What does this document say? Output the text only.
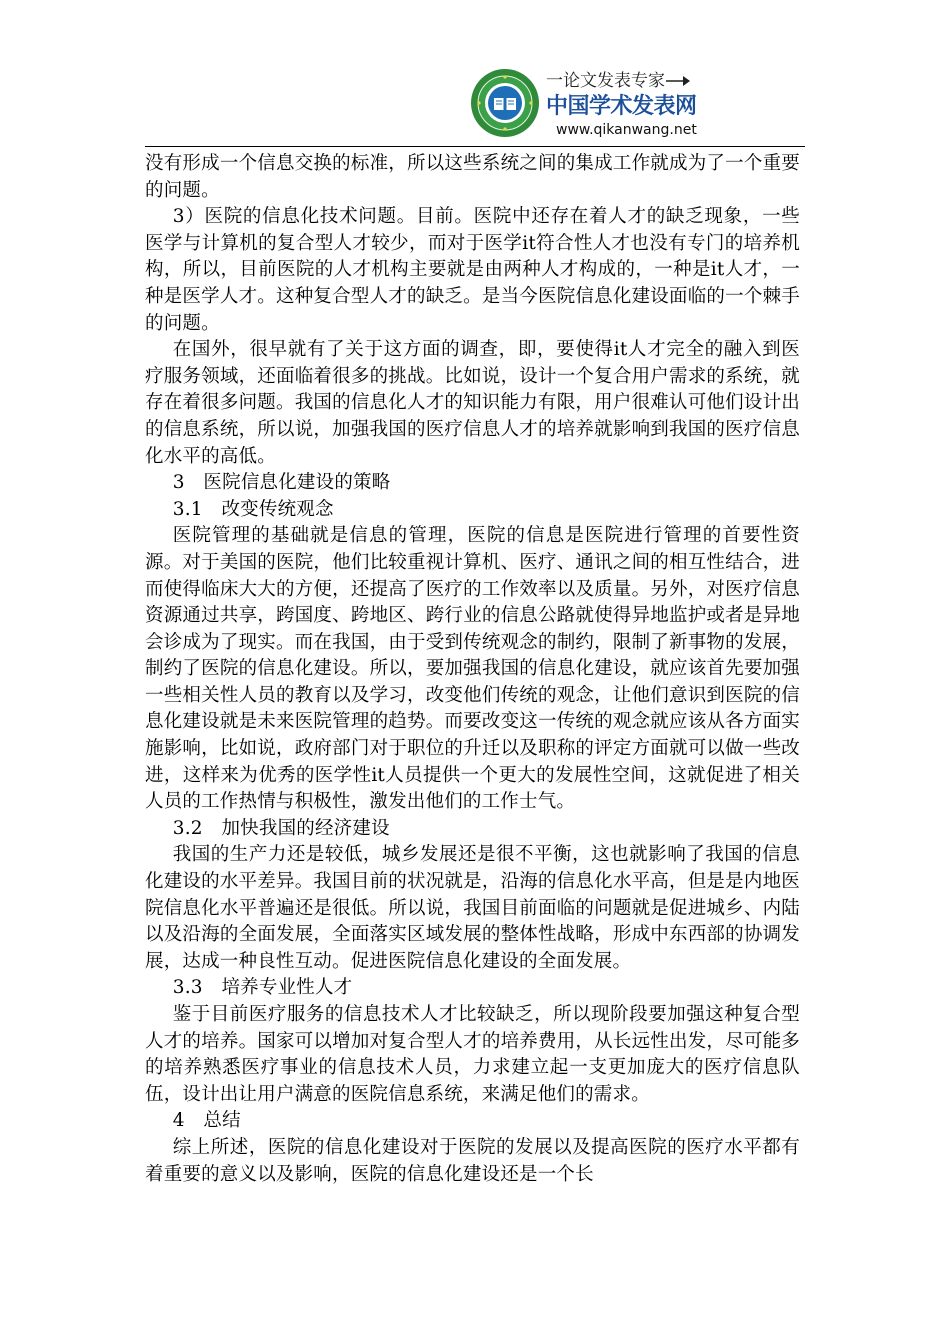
一论文发表专家
中国学术发表网
www.qikanwang.net

没有形成一个信息交换的标准，所以这些系统之间的集成工作就成为了一个重要的问题。

3）医院的信息化技术问题。目前。医院中还存在着人才的缺乏现象，一些医学与计算机的复合型人才较少，而对于医学it符合性人才也没有专门的培养机构，所以，目前医院的人才机构主要就是由两种人才构成的，一种是it人才，一种是医学人才。这种复合型人才的缺乏。是当今医院信息化建设面临的一个棘手的问题。

在国外，很早就有了关于这方面的调查，即，要使得it人才完全的融入到医疗服务领域，还面临着很多的挑战。比如说，设计一个复合用户需求的系统，就存在着很多问题。我国的信息化人才的知识能力有限，用户很难认可他们设计出的信息系统，所以说，加强我国的医疗信息人才的培养就影响到我国的医疗信息化水平的高低。

3　医院信息化建设的策略

3.1　改变传统观念

医院管理的基础就是信息的管理，医院的信息是医院进行管理的首要性资源。对于美国的医院，他们比较重视计算机、医疗、通讯之间的相互性结合，进而使得临床大大的方便，还提高了医疗的工作效率以及质量。另外，对医疗信息资源通过共享，跨国度、跨地区、跨行业的信息公路就使得异地监护或者是异地会诊成为了现实。而在我国，由于受到传统观念的制约，限制了新事物的发展，制约了医院的信息化建设。所以，要加强我国的信息化建设，就应该首先要加强一些相关性人员的教育以及学习，改变他们传统的观念，让他们意识到医院的信息化建设就是未来医院管理的趋势。而要改变这一传统的观念就应该从各方面实施影响，比如说，政府部门对于职位的升迁以及职称的评定方面就可以做一些改进，这样来为优秀的医学性it人员提供一个更大的发展性空间，这就促进了相关人员的工作热情与积极性，激发出他们的工作士气。

3.2　加快我国的经济建设

我国的生产力还是较低，城乡发展还是很不平衡，这也就影响了我国的信息化建设的水平差异。我国目前的状况就是，沿海的信息化水平高，但是是内地医院信息化水平普遍还是很低。所以说，我国目前面临的问题就是促进城乡、内陆以及沿海的全面发展，全面落实区域发展的整体性战略，形成中东西部的协调发展，达成一种良性互动。促进医院信息化建设的全面发展。

3.3　培养专业性人才

鉴于目前医疗服务的信息技术人才比较缺乏，所以现阶段要加强这种复合型人才的培养。国家可以增加对复合型人才的培养费用，从长远性出发，尽可能多的培养熟悉医疗事业的信息技术人员，力求建立起一支更加庞大的医疗信息队伍，设计出让用户满意的医院信息系统，来满足他们的需求。

4　总结

综上所述，医院的信息化建设对于医院的发展以及提高医院的医疗水平都有着重要的意义以及影响，医院的信息化建设还是一个长
